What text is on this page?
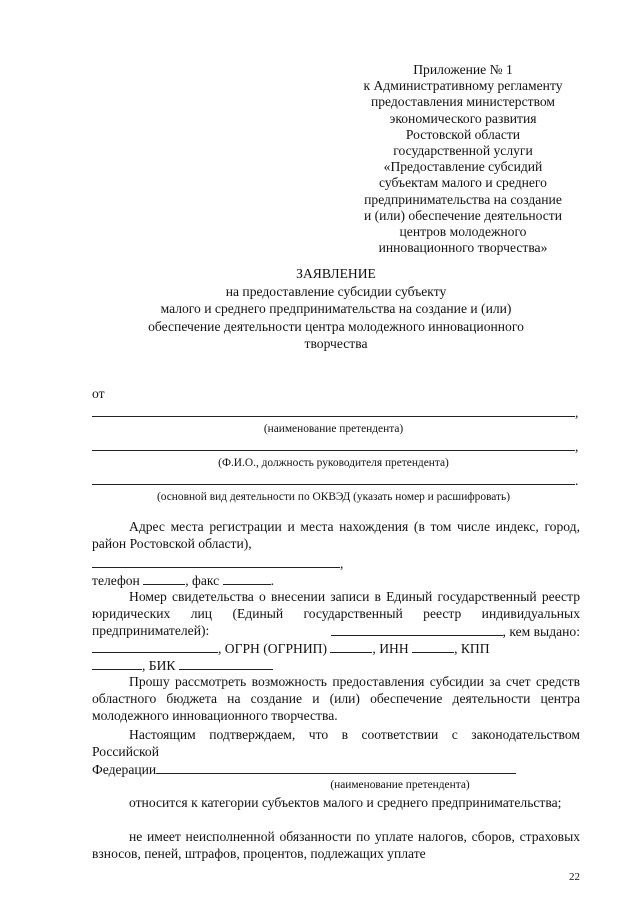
Приложение № 1
к Административному регламенту
предоставления министерством
экономического развития
Ростовской области
государственной услуги
«Предоставление субсидий
субъектам малого и среднего
предпринимательства на создание
и (или) обеспечение деятельности
центров молодежного
инновационного творчества»
ЗАЯВЛЕНИЕ
на предоставление субсидии субъекту
малого и среднего предпринимательства на создание и (или)
обеспечение деятельности центра молодежного инновационного
творчества
от
,
(наименование претендента)
,
(Ф.И.О., должность руководителя претендента)
.
(основной вид деятельности по ОКВЭД (указать номер и расшифровать)
Адрес места регистрации и места нахождения (в том числе индекс, город, район Ростовской области),
,
телефон	, факс	.
Номер свидетельства о внесении записи в Единый государственный реестр юридических лиц (Единый государственный реестр индивидуальных предпринимателей):	, кем выдано:
, ОГРН (ОГРНИП)	, ИНН	, КПП
, БИК
Прошу рассмотреть возможность предоставления субсидии за счет средств областного бюджета на создание и (или) обеспечение деятельности центра молодежного инновационного творчества.
Настоящим подтверждаем, что в соответствии с законодательством
Российской
Федерации
(наименование претендента)
относится к категории субъектов малого и среднего предпринимательства;
не имеет неисполненной обязанности по уплате налогов, сборов, страховых взносов, пеней, штрафов, процентов, подлежащих уплате
22
